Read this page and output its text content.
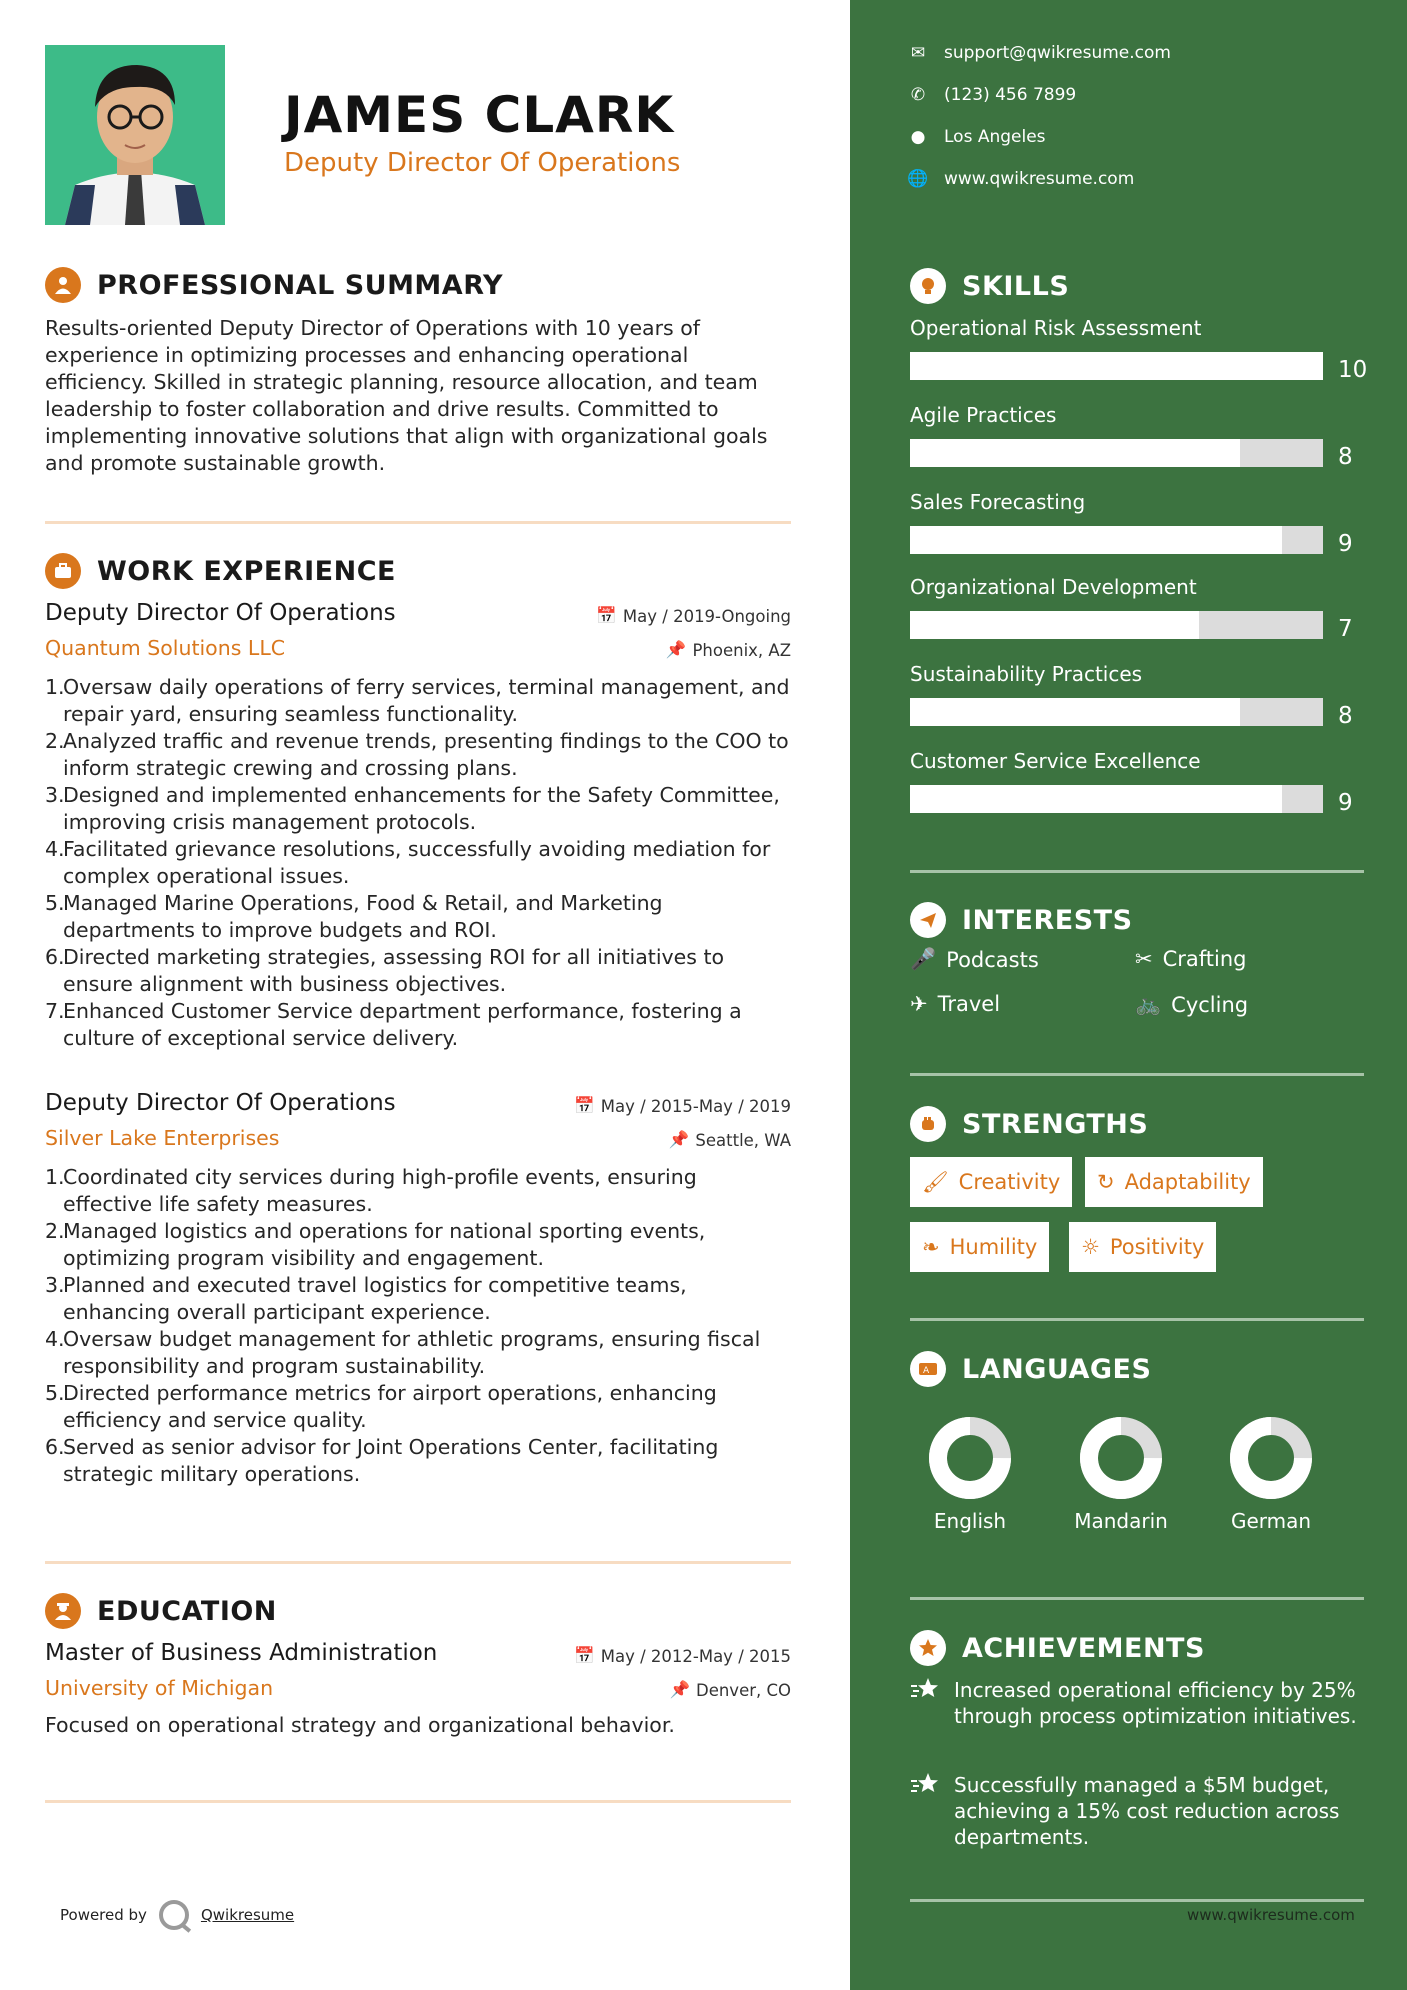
JAMES CLARK
Deputy Director Of Operations
PROFESSIONAL SUMMARY
Results-oriented Deputy Director of Operations with 10 years of experience in optimizing processes and enhancing operational efficiency. Skilled in strategic planning, resource allocation, and team leadership to foster collaboration and drive results. Committed to implementing innovative solutions that align with organizational goals and promote sustainable growth.
WORK EXPERIENCE
Deputy Director Of Operations	📅 May / 2019-Ongoing
Quantum Solutions LLC	📌 Phoenix, AZ
1.
Oversaw daily operations of ferry services, terminal management, and repair yard, ensuring seamless functionality.
2.
Analyzed traffic and revenue trends, presenting findings to the COO to inform strategic crewing and crossing plans.
3.
Designed and implemented enhancements for the Safety Committee, improving crisis management protocols.
4.
Facilitated grievance resolutions, successfully avoiding mediation for complex operational issues.
5.
Managed Marine Operations, Food & Retail, and Marketing departments to improve budgets and ROI.
6.
Directed marketing strategies, assessing ROI for all initiatives to ensure alignment with business objectives.
7.
Enhanced Customer Service department performance, fostering a culture of exceptional service delivery.
Deputy Director Of Operations	📅 May / 2015-May / 2019
Silver Lake Enterprises	📌 Seattle, WA
1.
Coordinated city services during high-profile events, ensuring effective life safety measures.
2.
Managed logistics and operations for national sporting events, optimizing program visibility and engagement.
3.
Planned and executed travel logistics for competitive teams, enhancing overall participant experience.
4.
Oversaw budget management for athletic programs, ensuring fiscal responsibility and program sustainability.
5.
Directed performance metrics for airport operations, enhancing efficiency and service quality.
6.
Served as senior advisor for Joint Operations Center, facilitating strategic military operations.
EDUCATION
Master of Business Administration	📅 May / 2012-May / 2015
University of Michigan	📌 Denver, CO
Focused on operational strategy and organizational behavior.
Powered by	Qwikresume
✉ support@qwikresume.com
✆ (123) 456 7899
● Los Angeles
🌐 www.qwikresume.com
SKILLS
Operational Risk Assessment
10
Agile Practices
8
Sales Forecasting
9
Organizational Development
7
Sustainability Practices
8
Customer Service Excellence
9
INTERESTS
🎤 Podcasts	✂ Crafting
✈ Travel	🚲 Cycling
STRENGTHS
🖌 Creativity ↻ Adaptability
❧ Humility ☼ Positivity
A LANGUAGES
English	Mandarin	German
ACHIEVEMENTS
Increased operational efficiency by 25% through process optimization initiatives.
Successfully managed a $5M budget, achieving a 15% cost reduction across departments.
www.qwikresume.com
